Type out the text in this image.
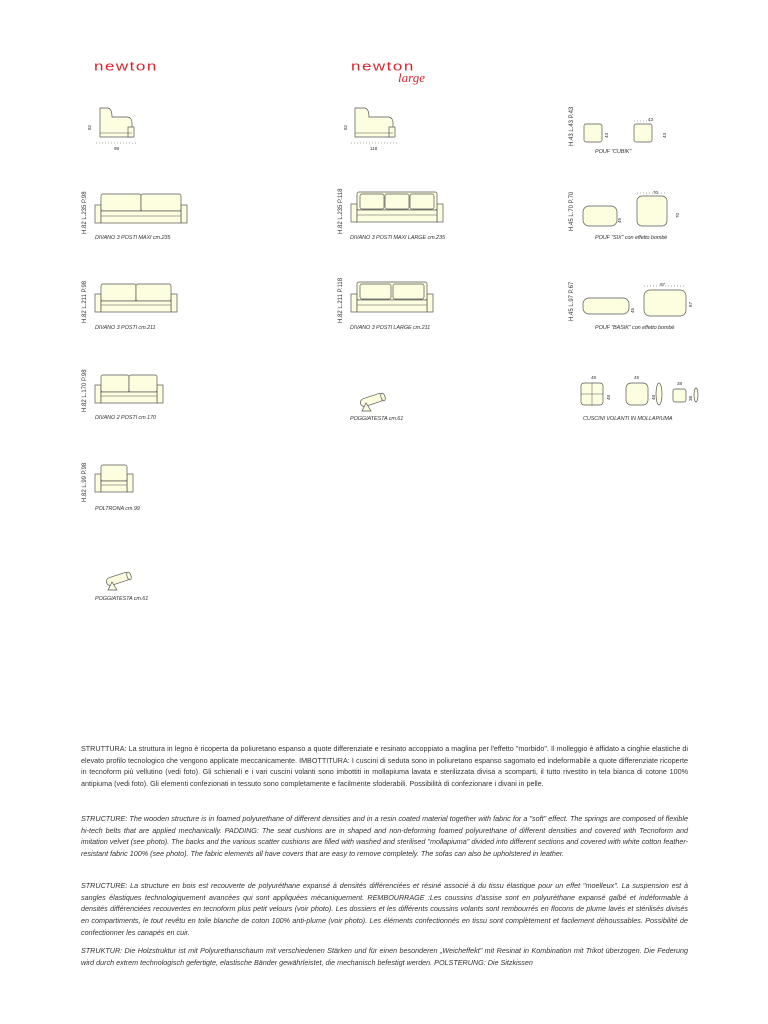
newton	newton
large
82
98
H.82 L.235 P.98
DIVANO 3 POSTI MAXI cm.235
H.82 L.211 P.98
DIVANO 3 POSTI cm.211
H.82 L.170 P.98
DIVANO 2 POSTI cm.170
H.82 L.99 P.98
POLTRONA cm.99
POGGIATESTA cm.61
82
118
H.82 L.235 P.118
DIVANO 3 POSTI MAXI LARGE cm.235
H.82 L.211 P.118
DIVANO 3 POSTI LARGE cm.211
POGGIATESTA cm.61
H.43 L.43 P.43	43
43
43
POUF "CUBIK"
H.45 L.70 P.70	45
70
70
POUF "SIX" con effetto bombè
H.45 L.97 P.67	45
97
67
POUF "BASIK" con effetto bombè
48
48
48
48
38
38
CUSCINI VOLANTI IN MOLLAPIUMA

STRUTTURA: La struttura in legno è ricoperta da poliuretano espanso a quote differenziate e resinato accoppiato a maglina per l'effetto "morbido". Il molleggio è affidato a cinghie elastiche di elevato profilo tecnologico che vengono applicate meccanicamente. IMBOTTITURA: I cuscini di seduta sono in poliuretano espanso sagomato ed indeformabile a quote differenziate ricoperte in tecnoform più vellutino (vedi foto). Gli schienali e i vari cuscini volanti sono imbottiti in mollapiuma lavata e sterilizzata divisa a scomparti, il tutto rivestito in tela bianca di cotone 100% antipiuma (vedi foto). Gli elementi confezionati in tessuto sono completamente e facilmente sfoderabili. Possibilità di confezionare i divani in pelle.

STRUCTURE: The wooden structure is in foamed polyurethane of different densities and in a resin coated material together with fabric for a "soft" effect. The springs are composed of flexible hi-tech belts that are applied mechanically. PADDING: The seat cushions are in shaped and non-deforming foamed polyurethane of different densities and covered with Tecnoform and imitation velvet (see photo). The backs and the various scatter cushions are filled with washed and sterilised "mollapiuma" divided into different sections and covered with white cotton feather-resistant fabric 100% (see photo). The fabric elements all have covers that are easy to remove completely. The sofas can also be upholstered in leather.

STRUCTURE: La structure en bois est recouverte de polyuréthane expansé à densités différenciées et résiné associé à du tissu élastique pour un effet "moelleux". La suspension est à sangles élastiques technologiquement avancées qui sont appliquées mécaniquement. REMBOURRAGE :Les coussins d'assise sont en polyuréthane expansé galbé et indéformable à densités différenciées recouvertes en tecnoform plus petit velours (voir photo). Les dossiers et les différents coussins volants sont rembourrés en flocons de plume lavés et stérilisés divisés en compartiments, le tout revêtu en toile blanche de coton 100% anti-plume (voir photo). Les éléments confectionnés en tissu sont complètement et facilement déhoussables. Possibilité de confectionner les canapés en cuir.

STRUKTUR: Die Holzstruktur ist mit Polyurethanschaum mit verschiedenen Stärken und für einen besonderen „Weicheffekt" mit Resinat in Kombination mit Trikot überzogen. Die Federung wird durch extrem technologisch gefertigte, elastische Bänder gewährleistet, die mechanisch befestigt werden. POLSTERUNG: Die Sitzkissen
